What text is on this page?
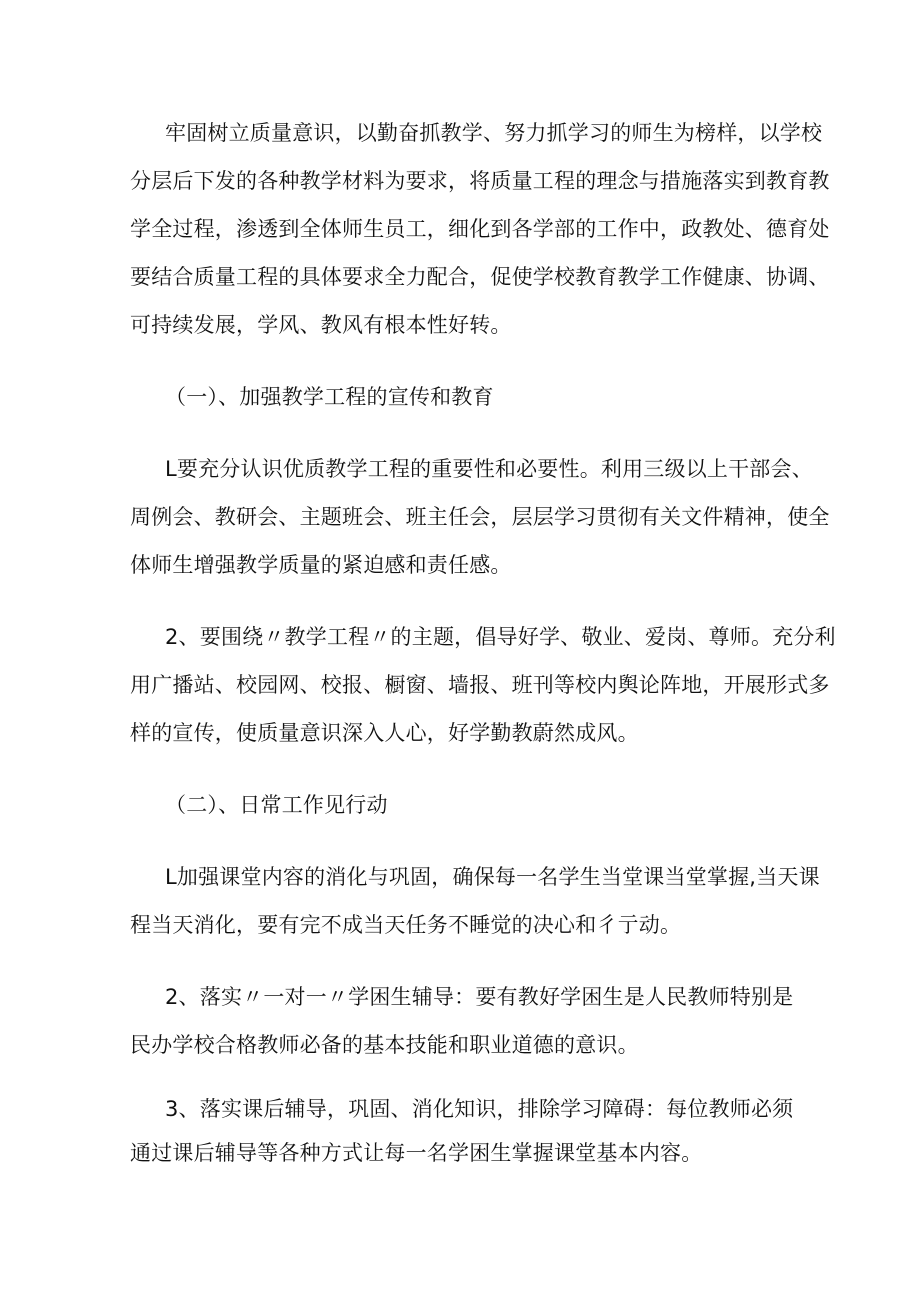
牢固树立质量意识，以勤奋抓教学、努力抓学习的师生为榜样，以学校

分层后下发的各种教学材料为要求，将质量工程的理念与措施落实到教育教

学全过程，渗透到全体师生员工，细化到各学部的工作中，政教处、德育处

要结合质量工程的具体要求全力配合，促使学校教育教学工作健康、协调、

可持续发展，学风、教风有根本性好转。

（一）、加强教学工程的宣传和教育

L要充分认识优质教学工程的重要性和必要性。利用三级以上干部会、

周例会、教研会、主题班会、班主任会，层层学习贯彻有关文件精神，使全

体师生增强教学质量的紧迫感和责任感。

2、要围绕〃教学工程〃的主题，倡导好学、敬业、爱岗、尊师。充分利

用广播站、校园网、校报、橱窗、墙报、班刊等校内舆论阵地，开展形式多

样的宣传，使质量意识深入人心，好学勤教蔚然成风。

（二）、日常工作见行动

L加强课堂内容的消化与巩固，确保每一名学生当堂课当堂掌握,当天课

程当天消化，要有完不成当天任务不睡觉的决心和彳亍动。

2、落实〃一对一〃学困生辅导：要有教好学困生是人民教师特别是

民办学校合格教师必备的基本技能和职业道德的意识。

3、落实课后辅导，巩固、消化知识，排除学习障碍：每位教师必须

通过课后辅导等各种方式让每一名学困生掌握课堂基本内容。
